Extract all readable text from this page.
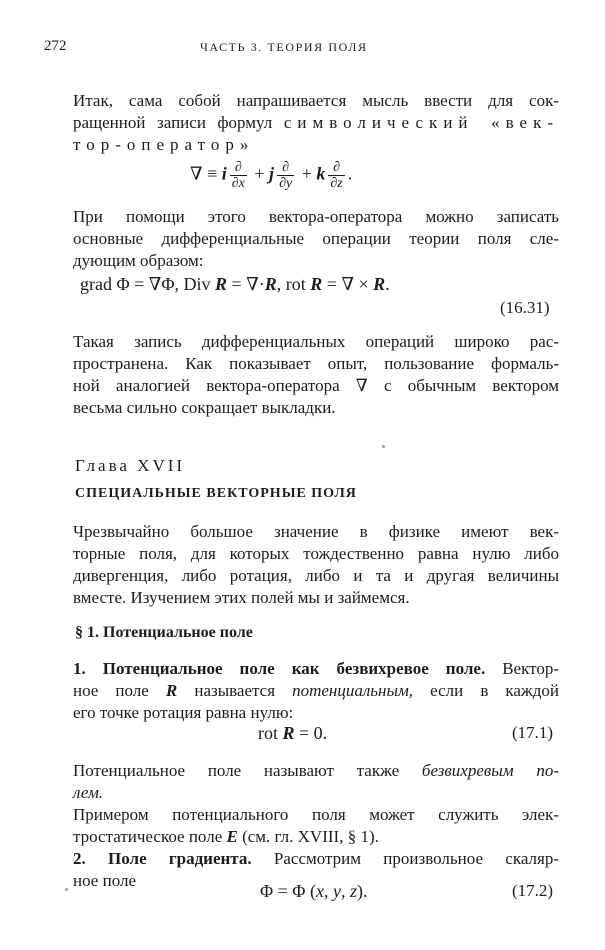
272	ЧАСТЬ 3. ТЕОРИЯ ПОЛЯ
Итак, сама собой напрашивается мысль ввести для сок-
ращенной записи формул символический «век-
тор-оператор»
∇ ≡ i $\frac{\partial}{\partial x} + j \frac{\partial}{\partial y} + k \frac{\partial}{\partial z}$ .
При помощи этого вектора-оператора можно записать
основные дифференциальные операции теории поля сле-
дующим образом:
grad Φ = ∇Φ, Div R = ∇·R, rot R = ∇ × R.
(16.31)
Такая запись дифференциальных операций широко рас-
пространена. Как показывает опыт, пользование формаль-
ной аналогией вектора-оператора ∇ с обычным вектором
весьма сильно сокращает выкладки.
Глава XVII
СПЕЦИАЛЬНЫЕ ВЕКТОРНЫЕ ПОЛЯ
Чрезвычайно большое значение в физике имеют век-
торные поля, для которых тождественно равна нулю либо
дивергенция, либо ротация, либо и та и другая величины
вместе. Изучением этих полей мы и займемся.
§ 1. Потенциальное поле
1. Потенциальное поле как безвихревое поле. Вектор-
ное поле R называется потенциальным, если в каждой
его точке ротация равна нулю:
rot R = 0.	(17.1)
Потенциальное поле называют также безвихревым по-
лем.
Примером потенциального поля может служить элек-
тростатическое поле E (см. гл. XVIII, § 1).
2. Поле градиента. Рассмотрим произвольное скаляр-
ное поле
Φ = Φ (x, y, z).	(17.2)
